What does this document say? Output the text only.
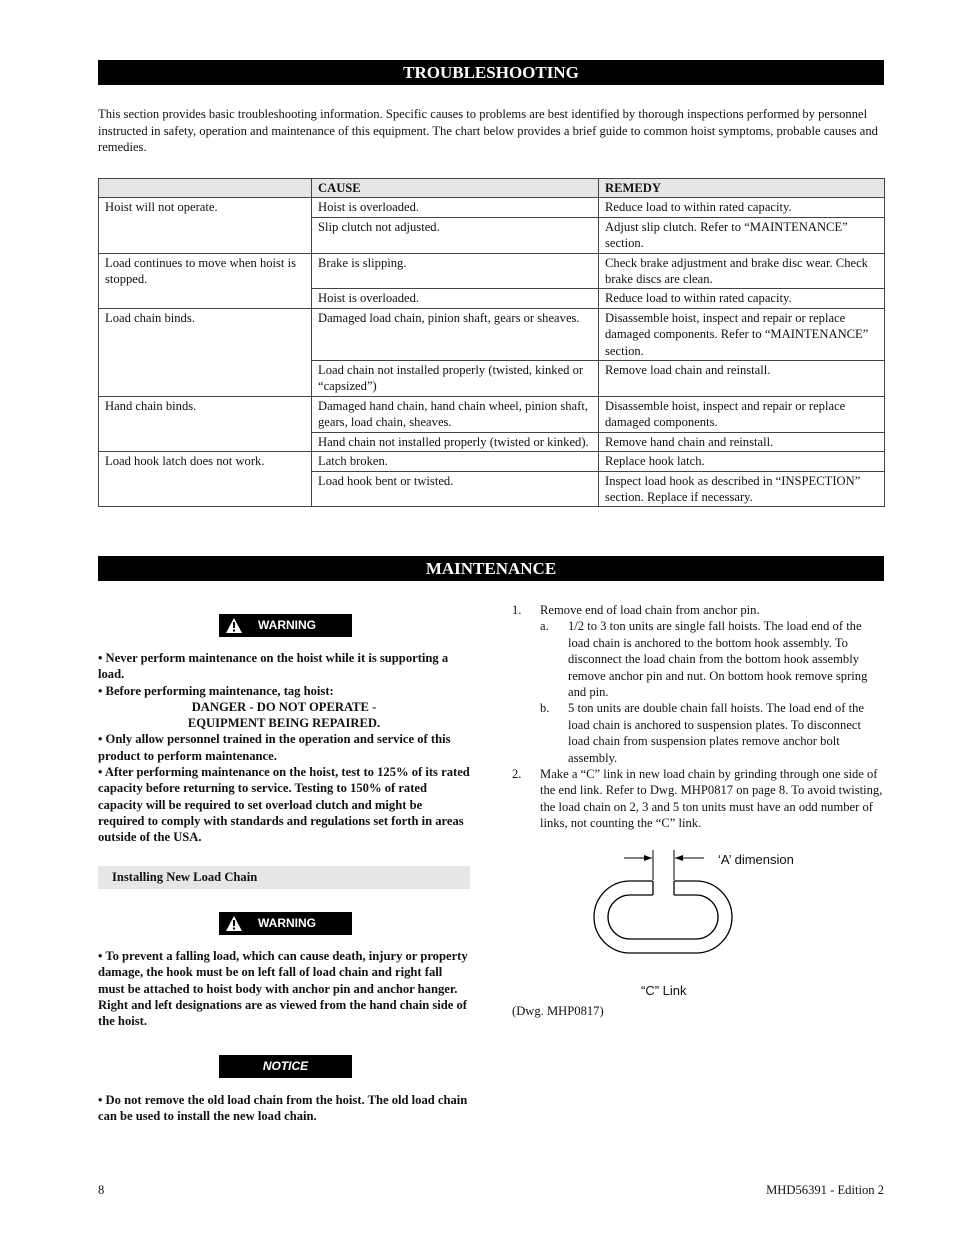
TROUBLESHOOTING
This section provides basic troubleshooting information. Specific causes to problems are best identified by thorough inspections performed by personnel instructed in safety, operation and maintenance of this equipment. The chart below provides a brief guide to common hoist symptoms, probable causes and remedies.
	CAUSE	REMEDY
Hoist will not operate.	Hoist is overloaded.	Reduce load to within rated capacity.
	Slip clutch not adjusted.	Adjust slip clutch. Refer to “MAINTENANCE” section.
Load continues to move when hoist is stopped.	Brake is slipping.	Check brake adjustment and brake disc wear. Check brake discs are clean.
	Hoist is overloaded.	Reduce load to within rated capacity.
Load chain binds.	Damaged load chain, pinion shaft, gears or sheaves.	Disassemble hoist, inspect and repair or replace damaged components. Refer to “MAINTENANCE” section.
	Load chain not installed properly (twisted, kinked or “capsized”)	Remove load chain and reinstall.
Hand chain binds.	Damaged hand chain, hand chain wheel, pinion shaft, gears, load chain, sheaves.	Disassemble hoist, inspect and repair or replace damaged components.
	Hand chain not installed properly (twisted or kinked).	Remove hand chain and reinstall.
Load hook latch does not work.	Latch broken.	Replace hook latch.
	Load hook bent or twisted.	Inspect load hook as described in “INSPECTION” section. Replace if necessary.
MAINTENANCE
WARNING
• Never perform maintenance on the hoist while it is supporting a load.
• Before performing maintenance, tag hoist:
DANGER - DO NOT OPERATE -
EQUIPMENT BEING REPAIRED.
• Only allow personnel trained in the operation and service of this product to perform maintenance.
• After performing maintenance on the hoist, test to 125% of its rated capacity before returning to service. Testing to 150% of rated capacity will be required to set overload clutch and might be required to comply with standards and regulations set forth in areas outside of the USA.
Installing New Load Chain
WARNING
• To prevent a falling load, which can cause death, injury or property damage, the hook must be on left fall of load chain and right fall must be attached to hoist body with anchor pin and anchor hanger. Right and left designations are as viewed from the hand chain side of the hoist.
NOTICE
• Do not remove the old load chain from the hoist. The old load chain can be used to install the new load chain.
1. Remove end of load chain from anchor pin.
a. 1/2 to 3 ton units are single fall hoists. The load end of the load chain is anchored to the bottom hook assembly. To disconnect the load chain from the bottom hook assembly remove anchor pin and nut. On bottom hook remove spring and pin.
b. 5 ton units are double chain fall hoists. The load end of the load chain is anchored to suspension plates. To disconnect load chain from suspension plates remove anchor bolt assembly.
2. Make a “C” link in new load chain by grinding through one side of the end link. Refer to Dwg. MHP0817 on page 8. To avoid twisting, the load chain on 2, 3 and 5 ton units must have an odd number of links, not counting the “C” link.
‘A’ dimension
“C” Link
(Dwg. MHP0817)
8	MHD56391 - Edition 2
